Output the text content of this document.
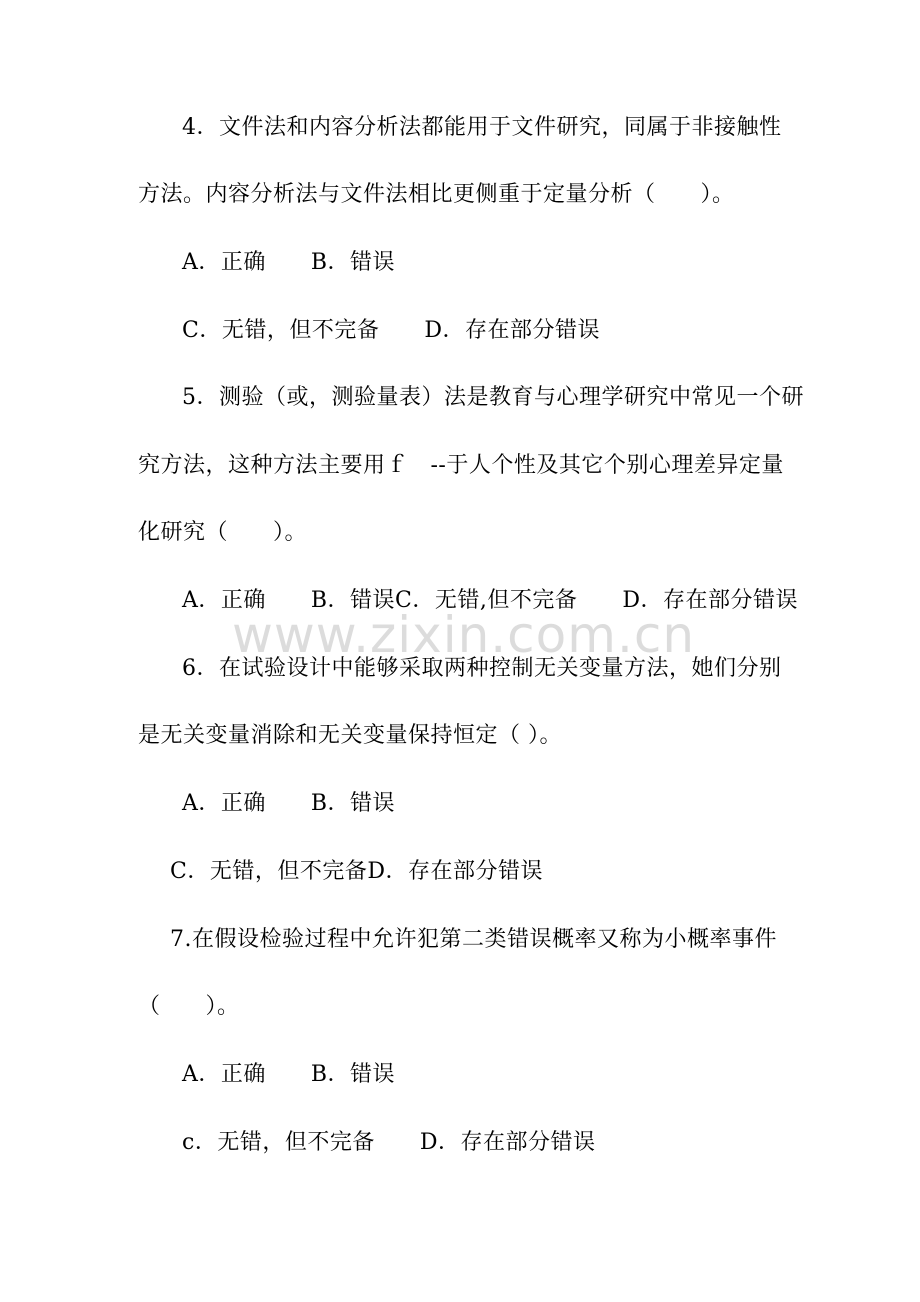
4．文件法和内容分析法都能用于文件研究，同属于非接触性
方法。内容分析法与文件法相比更侧重于定量分析（　　）。
A．正确　　B．错误
C．无错，但不完备　　D．存在部分错误
5．测验（或，测验量表）法是教育与心理学研究中常见一个研
究方法，这种方法主要用ｆ　--于人个性及其它个别心理差异定量
化研究（　　）。
A．正确　　B．错误C．无错,但不完备　　D．存在部分错误
6．在试验设计中能够采取两种控制无关变量方法，她们分别
是无关变量消除和无关变量保持恒定（ ）。
A．正确　　B．错误
C．无错，但不完备D．存在部分错误
7.在假设检验过程中允许犯第二类错误概率又称为小概率事件
（　　）。
A．正确　　B．错误
c．无错，但不完备　　D．存在部分错误
www.zixin.com.cn
